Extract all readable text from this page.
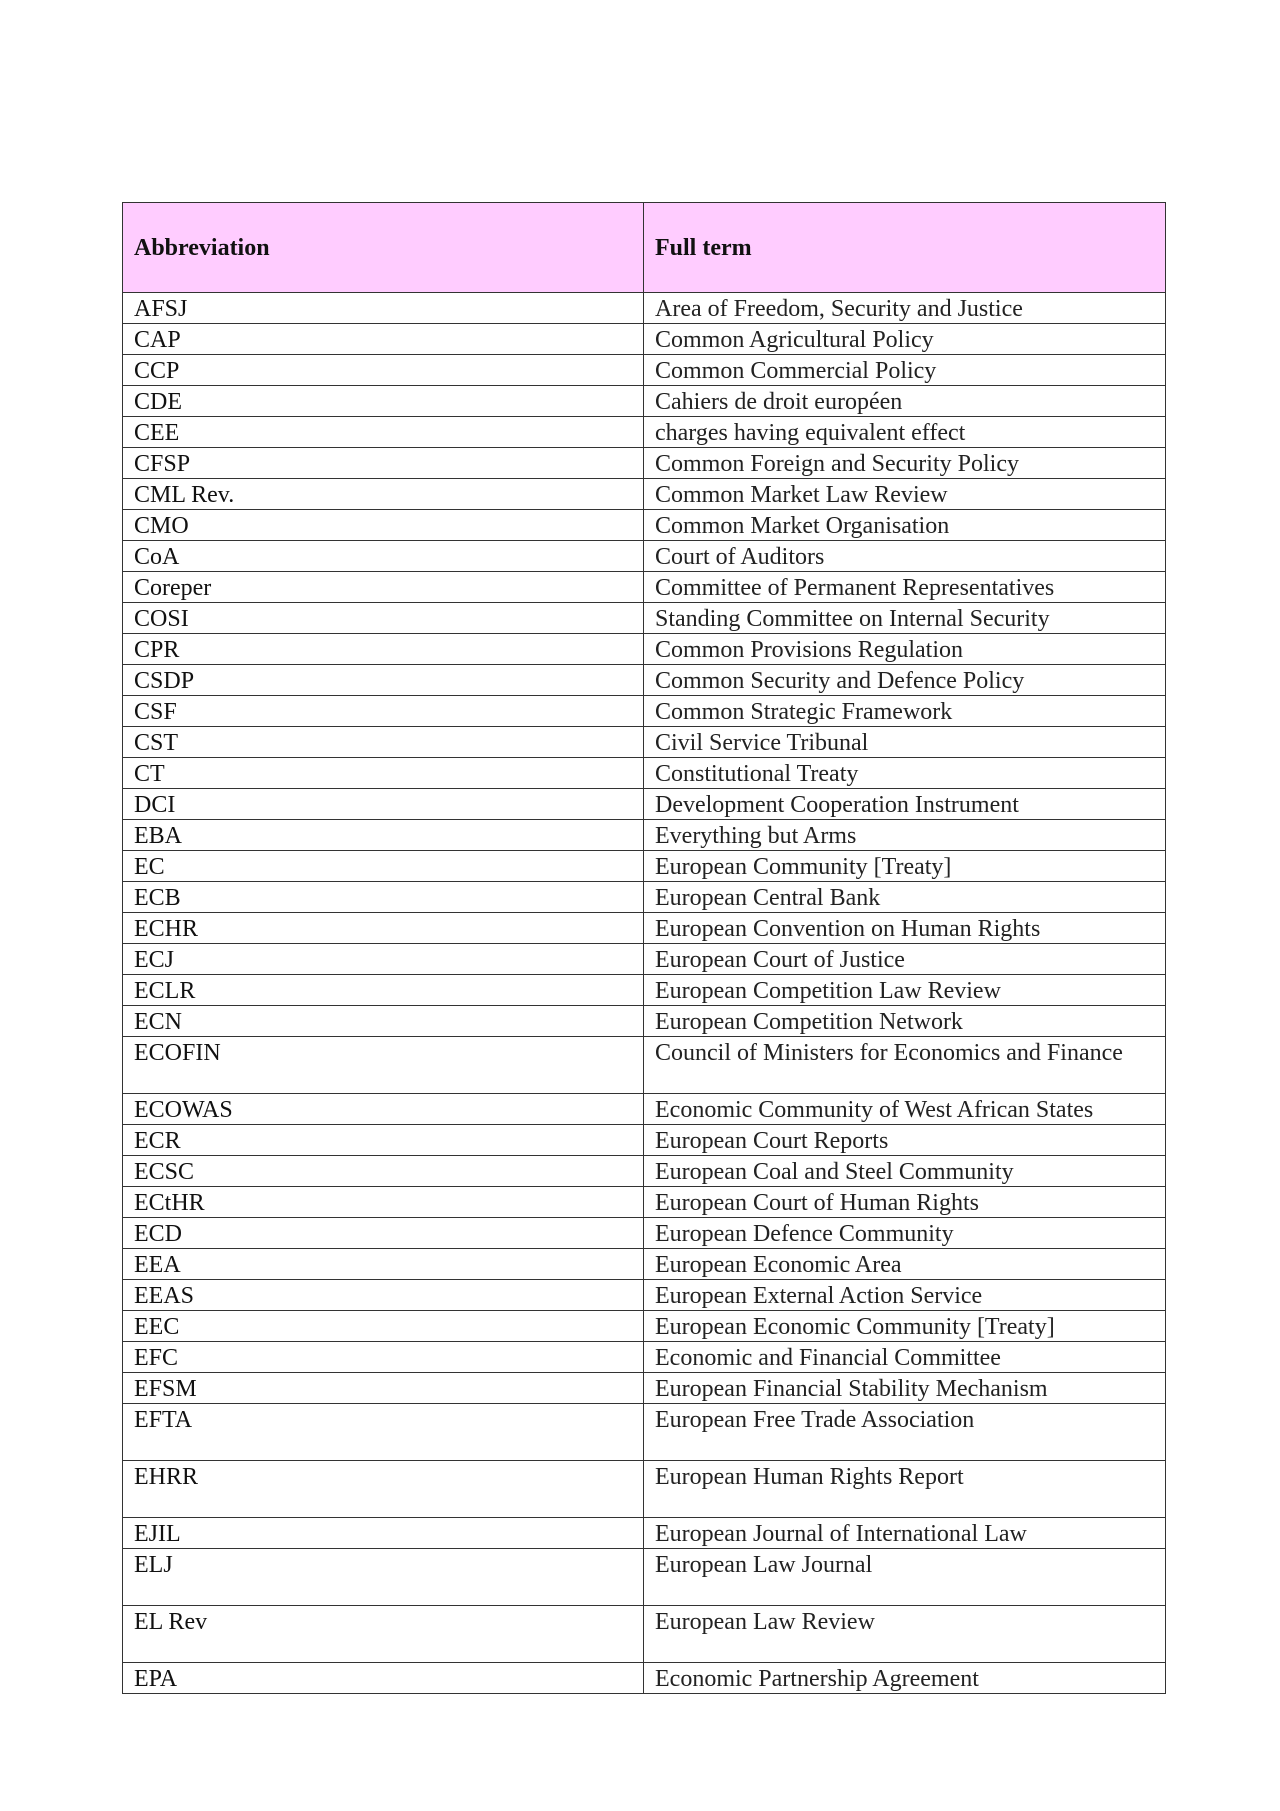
Abbreviation	Full term
AFSJ	Area of Freedom, Security and Justice
CAP	Common Agricultural Policy
CCP	Common Commercial Policy
CDE	Cahiers de droit européen
CEE	charges having equivalent effect
CFSP	Common Foreign and Security Policy
CML Rev.	Common Market Law Review
CMO	Common Market Organisation
CoA	Court of Auditors
Coreper	Committee of Permanent Representatives
COSI	Standing Committee on Internal Security
CPR	Common Provisions Regulation
CSDP	Common Security and Defence Policy
CSF	Common Strategic Framework
CST	Civil Service Tribunal
CT	Constitutional Treaty
DCI	Development Cooperation Instrument
EBA	Everything but Arms
EC	European Community [Treaty]
ECB	European Central Bank
ECHR	European Convention on Human Rights
ECJ	European Court of Justice
ECLR	European Competition Law Review
ECN	European Competition Network
ECOFIN	Council of Ministers for Economics and Finance
ECOWAS	Economic Community of West African States
ECR	European Court Reports
ECSC	European Coal and Steel Community
ECtHR	European Court of Human Rights
ECD	European Defence Community
EEA	European Economic Area
EEAS	European External Action Service
EEC	European Economic Community [Treaty]
EFC	Economic and Financial Committee
EFSM	European Financial Stability Mechanism
EFTA	European Free Trade Association
EHRR	European Human Rights Report
EJIL	European Journal of International Law
ELJ	European Law Journal
EL Rev	European Law Review
EPA	Economic Partnership Agreement
